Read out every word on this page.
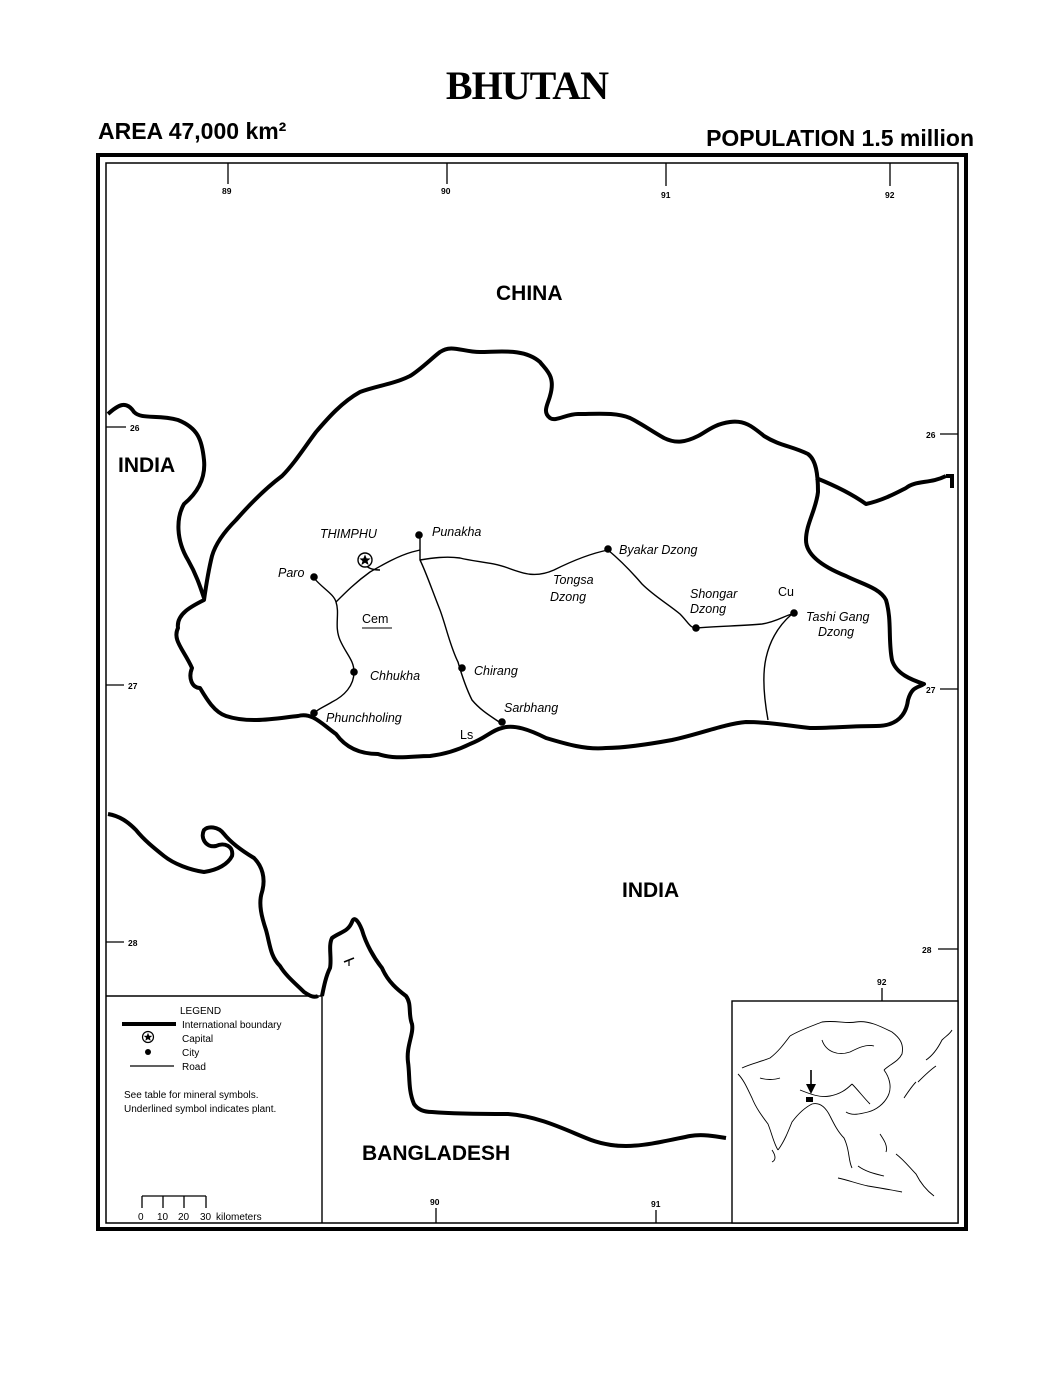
BHUTAN
AREA 47,000 km²	POPULATION 1.5 million
89	90	91	92
26
26
27	27
28
28
CHINA
INDIA
INDIA
BANGLADESH
THIMPHU	Punakha
Paro
Byakar Dzong
Tongsa
Dzong	Shongar
Dzong
Tashi Gang
Dzong
Chhukha	Chirang
Sarbhang
Phunchholing
Cem
Cu
Ls
LEGEND
International boundary
Capital
City
Road
See table for mineral symbols.
Underlined symbol indicates plant.
0 10 20 30 kilometers
90	91
92
